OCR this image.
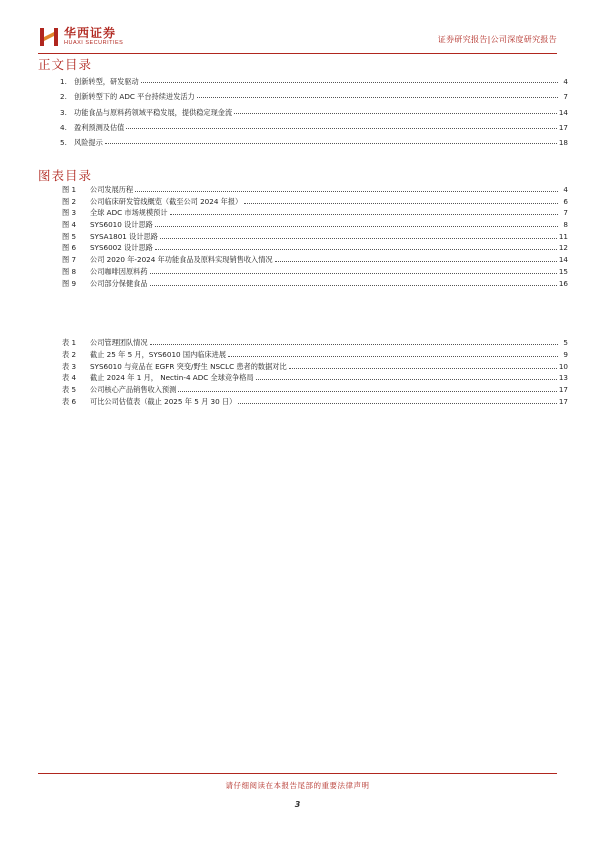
华西证券
HUAXI SECURITIES	证券研究报告|公司深度研究报告
正文目录
1. 创新转型，研发驱动	4
2. 创新转型下的 ADC 平台持续迸发活力	7
3. 功能食品与原料药领域平稳发展，提供稳定现金流	14
4. 盈利预测及估值	17
5. 风险提示	18
图表目录
图 1	公司发展历程	4
图 2	公司临床研发管线概览（截至公司 2024 年报）	6
图 3	全球 ADC 市场规模预计	7
图 4	SYS6010 设计思路	8
图 5	SYSA1801 设计思路	11
图 6	SYS6002 设计思路	12
图 7	公司 2020 年-2024 年功能食品及原料实现销售收入情况	14
图 8	公司咖啡因原料药	15
图 9	公司部分保健食品	16
表 1	公司管理团队情况	5
表 2	截止 25 年 5 月，SYS6010 国内临床进展	9
表 3	SYS6010 与竞品在 EGFR 突变/野生 NSCLC 患者的数据对比	10
表 4	截止 2024 年 1 月， Nectin-4 ADC 全球竞争格局	13
表 5	公司核心产品销售收入预测	17
表 6	可比公司估值表（截止 2025 年 5 月 30 日）	17
请仔细阅读在本报告尾部的重要法律声明
3
